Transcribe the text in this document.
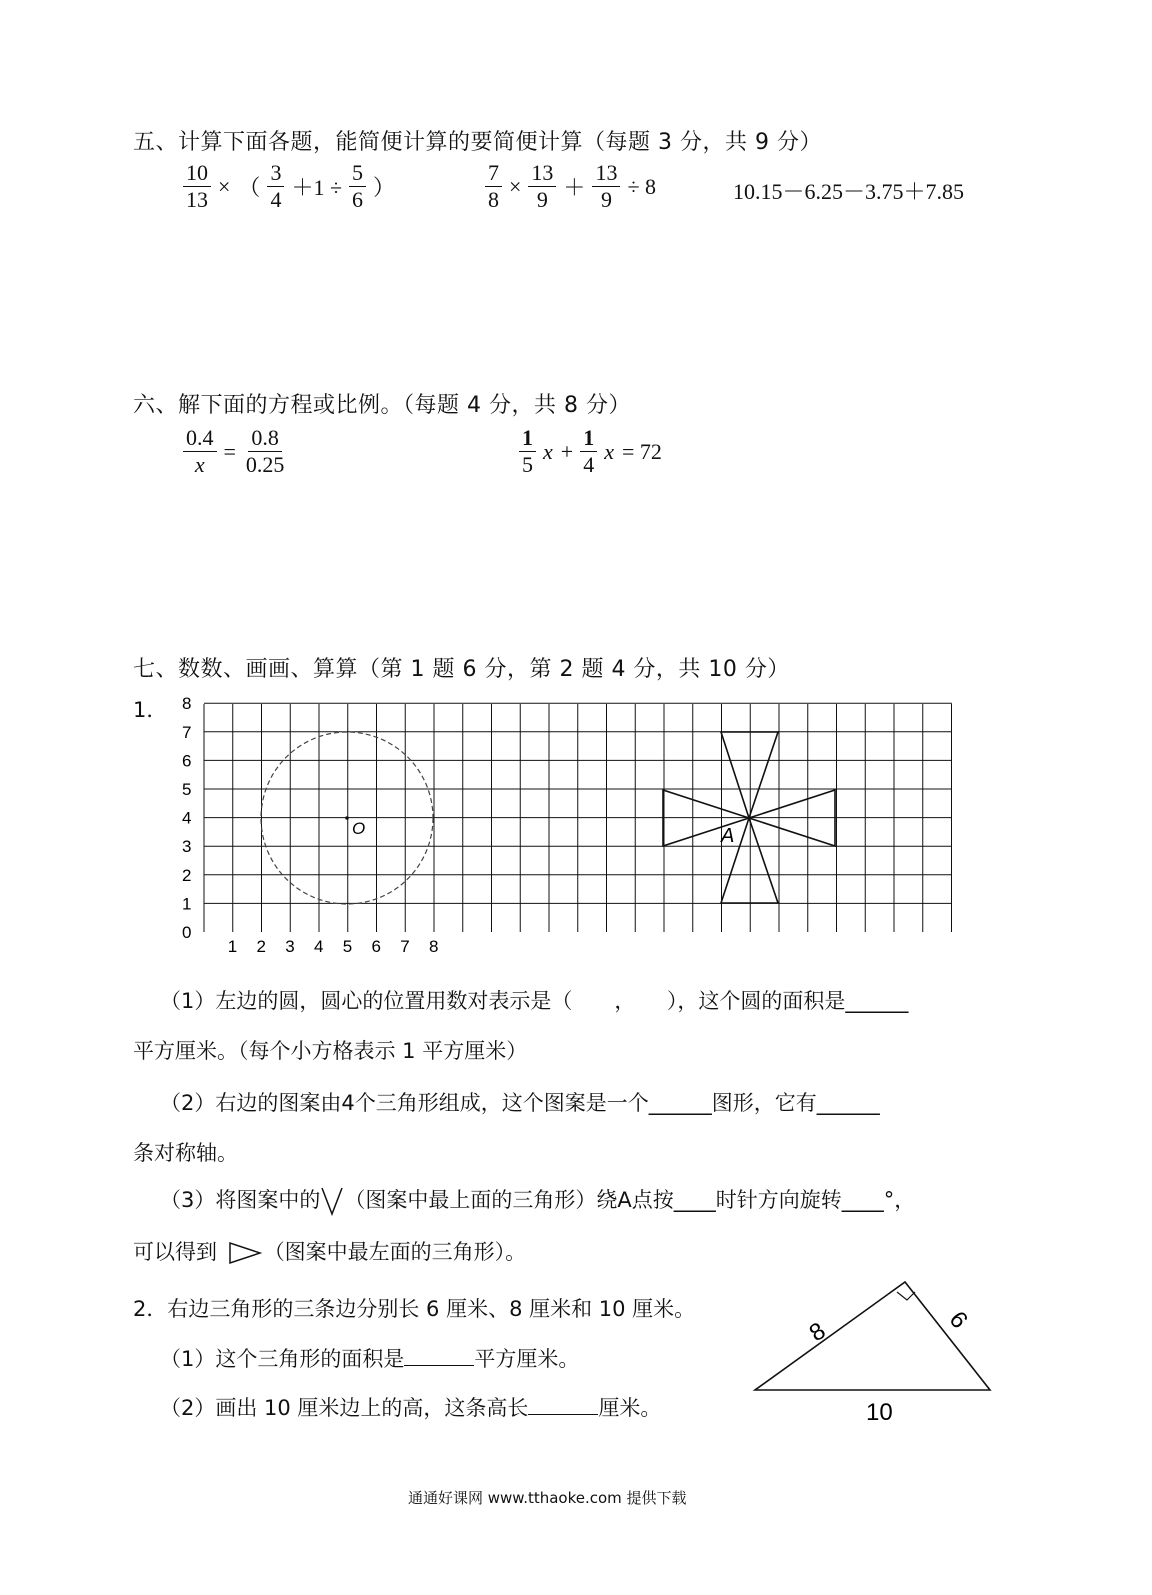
五、计算下面各题，能简便计算的要简便计算（每题 3 分，共 9 分）
$\frac{10}{13}$ × （ $\frac{3}{4} +1 \div \frac{5}{6}$ ）	$\frac{7}{8} \times \frac{13}{9} + \frac{13}{9} \div 8$	10.15－6.25－3.75＋7.85
六、解下面的方程或比例。（每题 4 分，共 8 分）
$\frac{0.4}{x} = \frac{0.8}{0.25}$	$\frac{1}{5}$ $x + \frac{1}{4}$ x = 72
七、数数、画画、算算（第 1 题 6 分，第 2 题 4 分，共 10 分）
1．
0
1
2
3
4
5
6
7
8
1 2 3 4 5 6 7 8
O	A
（1）左边的圆，圆心的位置用数对表示是（　　，　　），这个圆的面积是______
平方厘米。（每个小方格表示 1 平方厘米）
（2）右边的图案由4个三角形组成，这个图案是一个______图形，它有______
条对称轴。
（3）将图案中的 （图案中最上面的三角形）绕A点按____时针方向旋转____°，
可以得到 （图案中最左面的三角形）。
2．右边三角形的三条边分别长 6 厘米、8 厘米和 10 厘米。
（1）这个三角形的面积是	平方厘米。
（2）画出 10 厘米边上的高，这条高长	厘米。
8	6
10
通通好课网 www.tthaoke.com 提供下载
